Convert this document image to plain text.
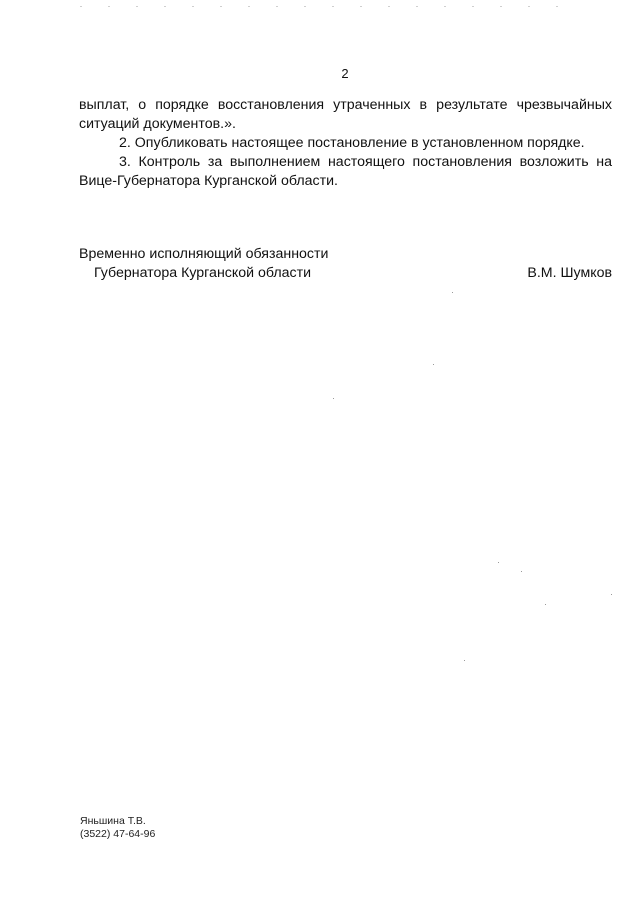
2

выплат, о порядке восстановления утраченных в результате чрезвычайных ситуаций документов.».

2. Опубликовать настоящее постановление в установленном порядке.

3. Контроль за выполнением настоящего постановления возложить на Вице-Губернатора Курганской области.

Временно исполняющий обязанности
Губернатора Курганской области	В.М. Шумков
Яньшина Т.В.
(3522) 47-64-96
